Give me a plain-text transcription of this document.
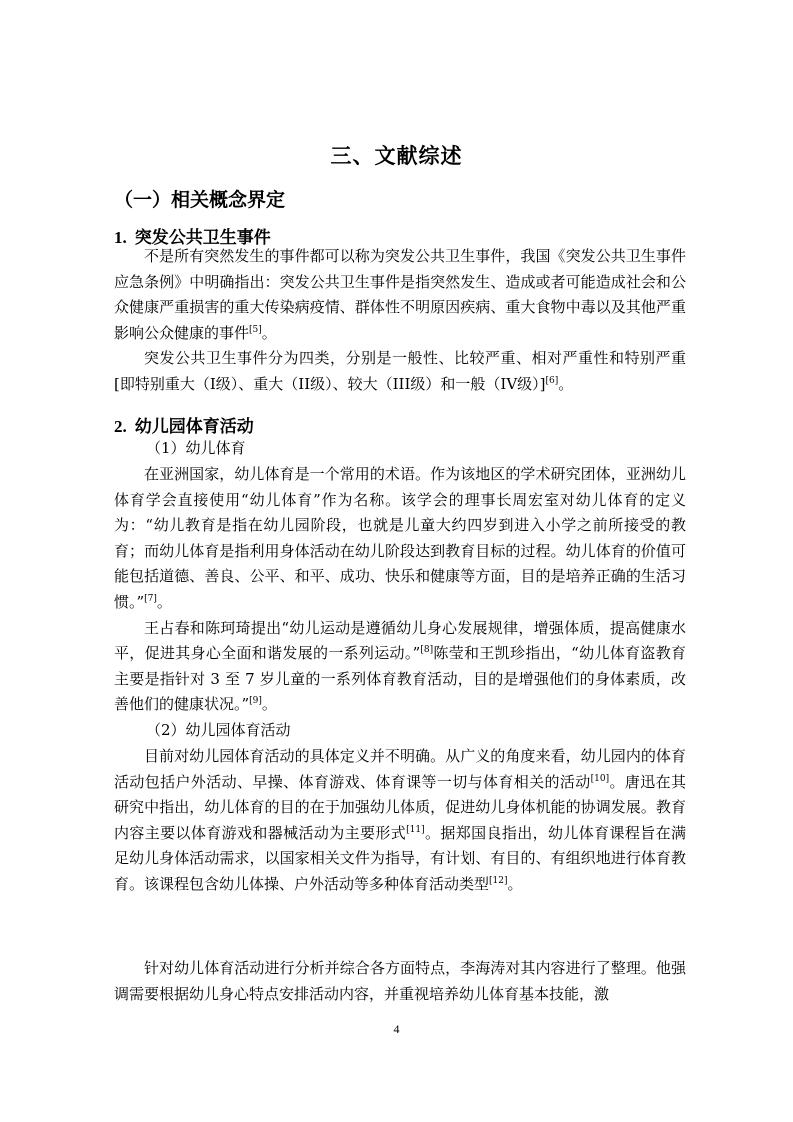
三、文献综述
（一）相关概念界定
1. 突发公共卫生事件

不是所有突然发生的事件都可以称为突发公共卫生事件，我国《突发公共卫生事件应急条例》中明确指出：突发公共卫生事件是指突然发生、造成或者可能造成社会和公众健康严重损害的重大传染病疫情、群体性不明原因疾病、重大食物中毒以及其他严重影响公众健康的事件[5]。

突发公共卫生事件分为四类，分别是一般性、比较严重、相对严重性和特别严重[即特别重大（I级）、重大（II级）、较大（III级）和一般（IV级）][6]。

2. 幼儿园体育活动
（1）幼儿体育

在亚洲国家，幼儿体育是一个常用的术语。作为该地区的学术研究团体，亚洲幼儿体育学会直接使用“幼儿体育”作为名称。该学会的理事长周宏室对幼儿体育的定义为：“幼儿教育是指在幼儿园阶段，也就是儿童大约四岁到进入小学之前所接受的教育；而幼儿体育是指利用身体活动在幼儿阶段达到教育目标的过程。幼儿体育的价值可能包括道德、善良、公平、和平、成功、快乐和健康等方面，目的是培养正确的生活习惯。”[7]。

王占春和陈珂琦提出“幼儿运动是遵循幼儿身心发展规律，增强体质，提高健康水平，促进其身心全面和谐发展的一系列运动。”[8]陈莹和王凯珍指出，“幼儿体育盗教育主要是指针对 3 至 7 岁儿童的一系列体育教育活动，目的是增强他们的身体素质，改善他们的健康状况。”[9]。

（2）幼儿园体育活动

目前对幼儿园体育活动的具体定义并不明确。从广义的角度来看，幼儿园内的体育活动包括户外活动、早操、体育游戏、体育课等一切与体育相关的活动[10]。唐迅在其研究中指出，幼儿体育的目的在于加强幼儿体质，促进幼儿身体机能的协调发展。教育内容主要以体育游戏和器械活动为主要形式[11]。据郑国良指出，幼儿体育课程旨在满足幼儿身体活动需求，以国家相关文件为指导，有计划、有目的、有组织地进行体育教育。该课程包含幼儿体操、户外活动等多种体育活动类型[12]。

针对幼儿体育活动进行分析并综合各方面特点，李海涛对其内容进行了整理。他强调需要根据幼儿身心特点安排活动内容，并重视培养幼儿体育基本技能，激

4
